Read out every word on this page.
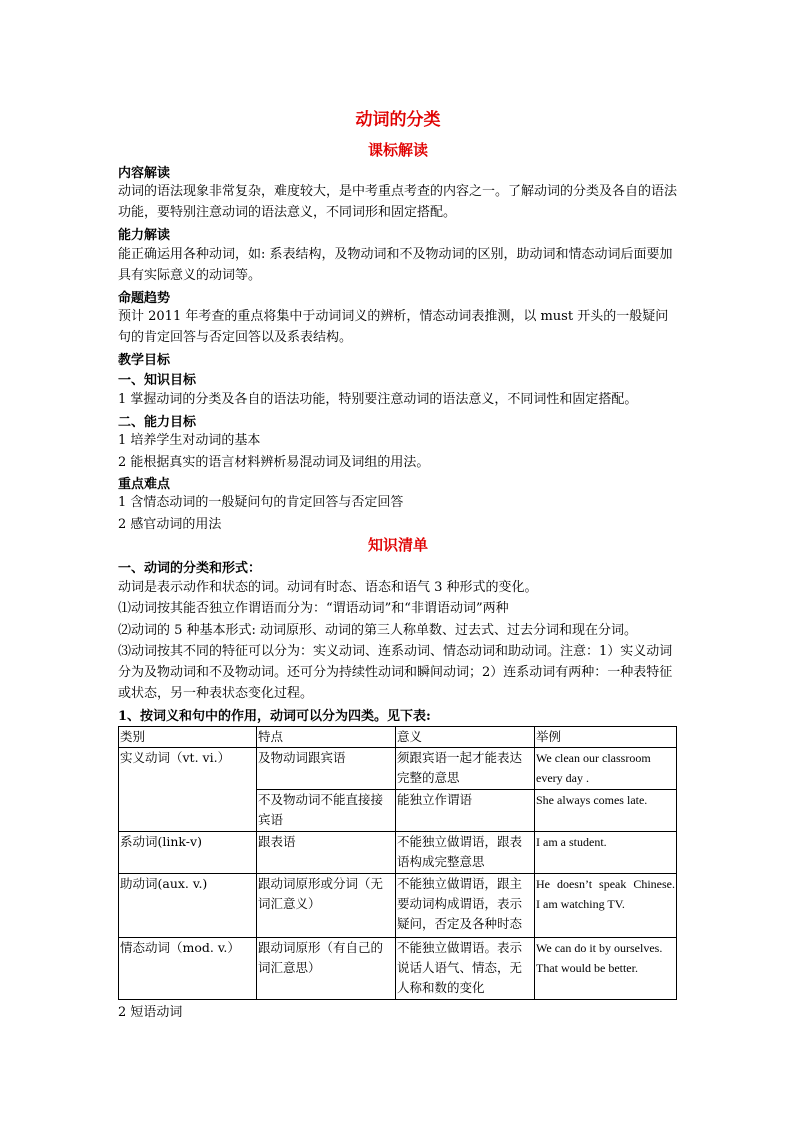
动词的分类
课标解读
内容解读
动词的语法现象非常复杂，难度较大，是中考重点考查的内容之一。了解动词的分类及各自的语法功能，要特别注意动词的语法意义，不同词形和固定搭配。
能力解读
能正确运用各种动词，如: 系表结构，及物动词和不及物动词的区别，助动词和情态动词后面要加具有实际意义的动词等。
命题趋势
预计 2011 年考查的重点将集中于动词词义的辨析，情态动词表推测，以 must 开头的一般疑问句的肯定回答与否定回答以及系表结构。
教学目标
一、知识目标
1 掌握动词的分类及各自的语法功能，特别要注意动词的语法意义，不同词性和固定搭配。
二、能力目标
1 培养学生对动词的基本
2 能根据真实的语言材料辨析易混动词及词组的用法。
重点难点
1 含情态动词的一般疑问句的肯定回答与否定回答
2 感官动词的用法
知识清单
一、动词的分类和形式：
动词是表示动作和状态的词。动词有时态、语态和语气 3 种形式的变化。
⑴动词按其能否独立作谓语而分为：“谓语动词”和“非谓语动词”两种
⑵动词的 5 种基本形式: 动词原形、动词的第三人称单数、过去式、过去分词和现在分词。
⑶动词按其不同的特征可以分为：实义动词、连系动词、情态动词和助动词。注意：1）实义动词分为及物动词和不及物动词。还可分为持续性动词和瞬间动词；2）连系动词有两种：一种表特征或状态，另一种表状态变化过程。
1、按词义和句中的作用，动词可以分为四类。见下表:
类别	特点	意义	举例
实义动词（vt. vi.）	及物动词跟宾语	须跟宾语一起才能表达完整的意思	We clean our classroom every day .
	不及物动词不能直接接宾语	能独立作谓语	She always comes late.
系动词(link-v)	跟表语	不能独立做谓语，跟表语构成完整意思	I am a student.
助动词(aux. v.)	跟动词原形或分词（无词汇意义）	不能独立做谓语，跟主要动词构成谓语，表示疑问，否定及各种时态	He doesn’t speak Chinese.
I am watching TV.

情态动词（mod. v.）	跟动词原形（有自己的词汇意思）	不能独立做谓语。表示说话人语气、情态，无人称和数的变化	We can do it by ourselves.
That would be better.
2 短语动词
